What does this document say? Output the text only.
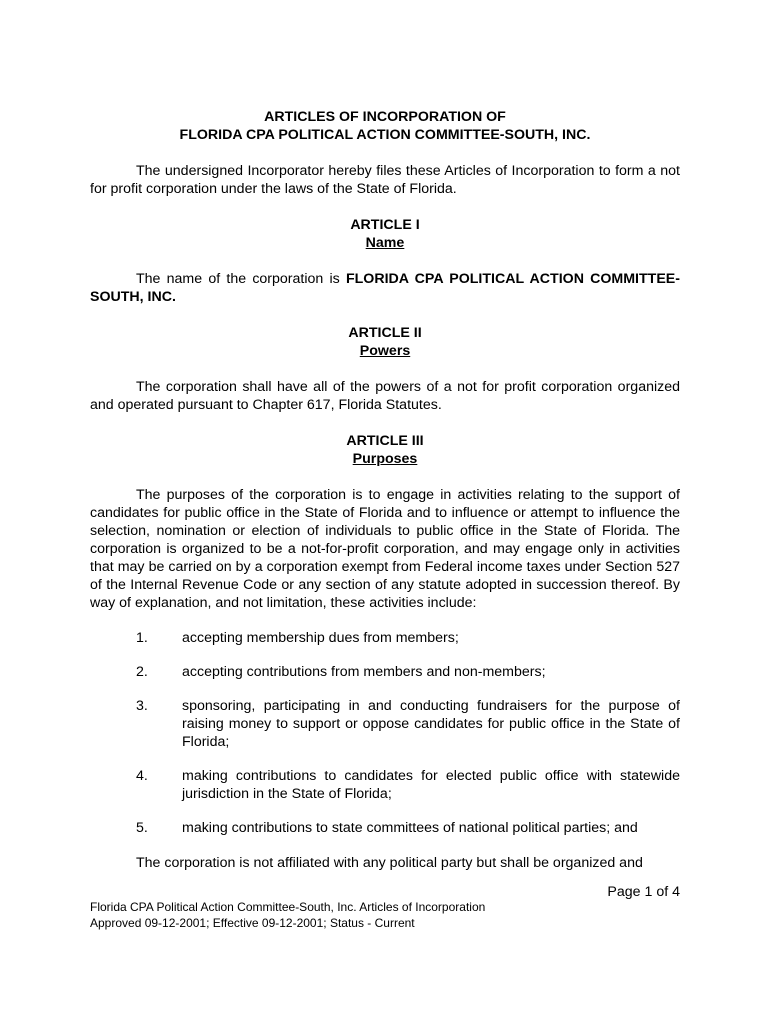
ARTICLES OF INCORPORATION OF
FLORIDA CPA POLITICAL ACTION COMMITTEE-SOUTH, INC.

The undersigned Incorporator hereby files these Articles of Incorporation to form a not for profit corporation under the laws of the State of Florida.

ARTICLE I
Name

The name of the corporation is FLORIDA CPA POLITICAL ACTION COMMITTEE-SOUTH, INC.

ARTICLE II
Powers

The corporation shall have all of the powers of a not for profit corporation organized and operated pursuant to Chapter 617, Florida Statutes.

ARTICLE III
Purposes

The purposes of the corporation is to engage in activities relating to the support of candidates for public office in the State of Florida and to influence or attempt to influence the selection, nomination or election of individuals to public office in the State of Florida. The corporation is organized to be a not-for-profit corporation, and may engage only in activities that may be carried on by a corporation exempt from Federal income taxes under Section 527 of the Internal Revenue Code or any section of any statute adopted in succession thereof. By way of explanation, and not limitation, these activities include:

1.	accepting membership dues from members;
2.	accepting contributions from members and non-members;
3.	sponsoring, participating in and conducting fundraisers for the purpose of raising money to support or oppose candidates for public office in the State of Florida;
4.	making contributions to candidates for elected public office with statewide jurisdiction in the State of Florida;
5.	making contributions to state committees of national political parties; and

The corporation is not affiliated with any political party but shall be organized and

Page 1 of 4
Florida CPA Political Action Committee-South, Inc. Articles of Incorporation
Approved 09-12-2001; Effective 09-12-2001; Status - Current
